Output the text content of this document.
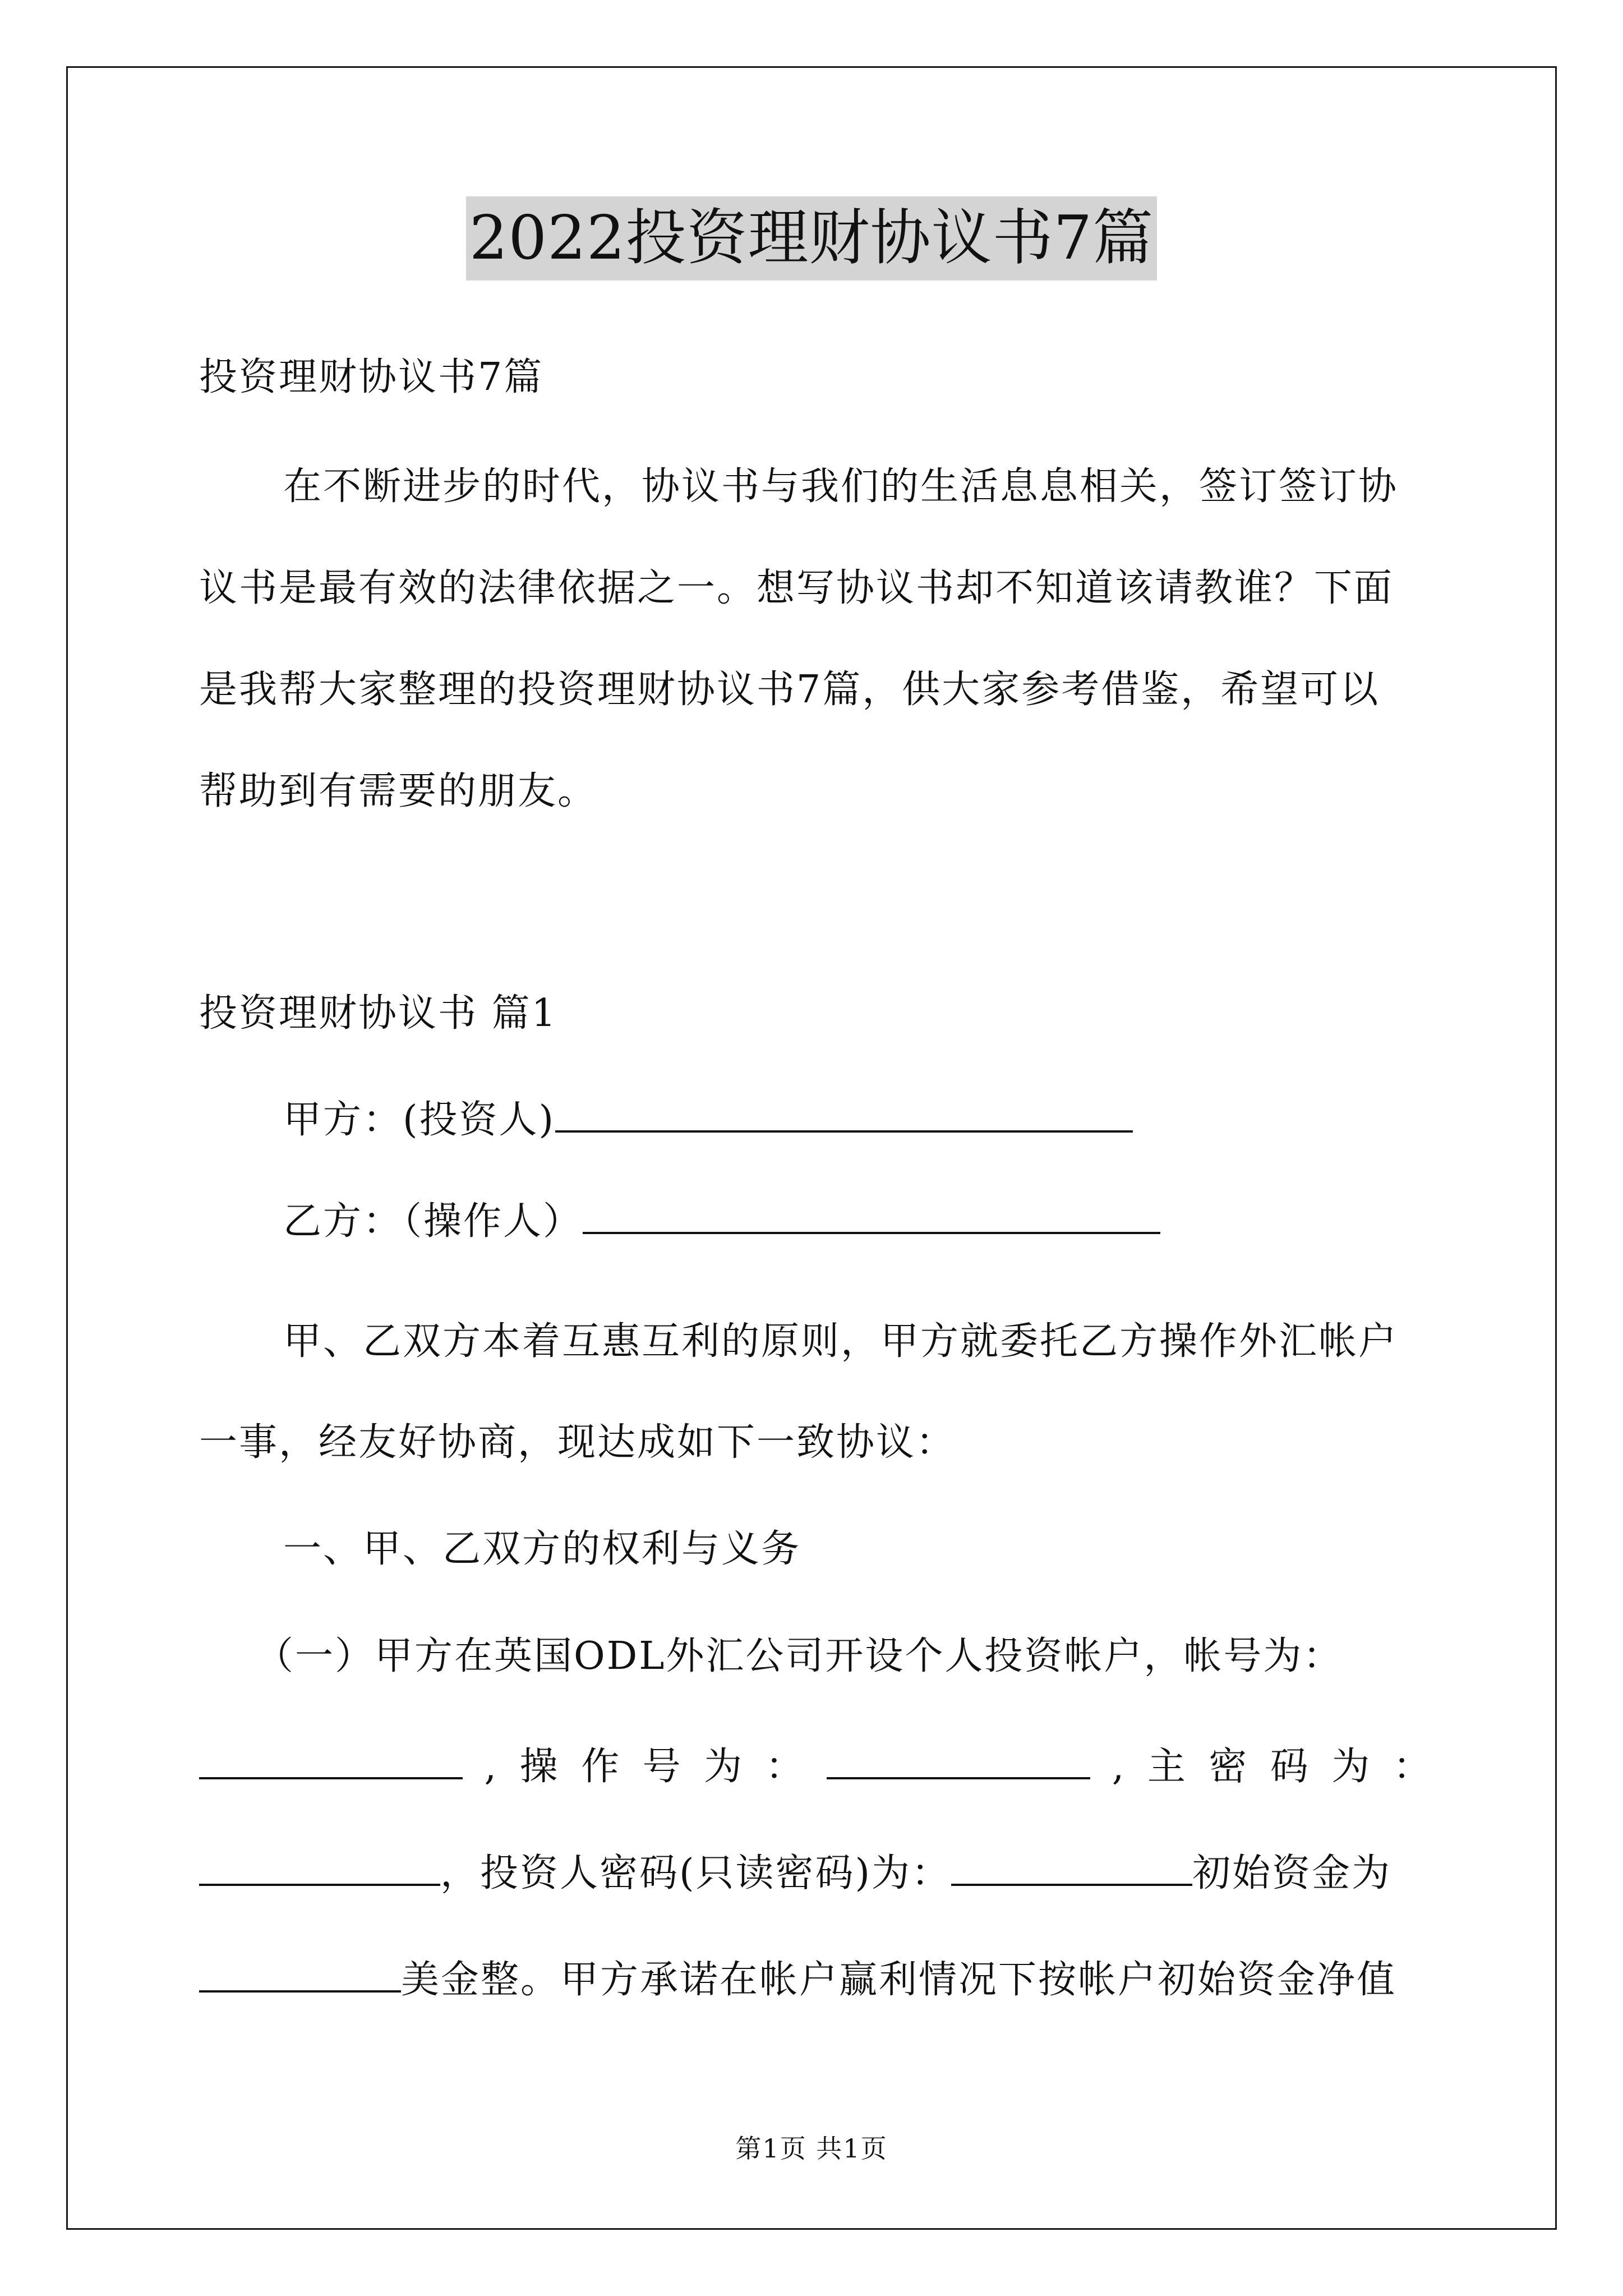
2022投资理财协议书7篇
投资理财协议书7篇
在不断进步的时代，协议书与我们的生活息息相关，签订签订协
议书是最有效的法律依据之一。想写协议书却不知道该请教谁？下面
是我帮大家整理的投资理财协议书7篇，供大家参考借鉴，希望可以
帮助到有需要的朋友。
投资理财协议书 篇1
甲方：(投资人)
乙方：（操作人）
甲、乙双方本着互惠互利的原则，甲方就委托乙方操作外汇帐户
一事，经友好协商，现达成如下一致协议：
一、甲、乙双方的权利与义务
（一）甲方在英国ODL外汇公司开设个人投资帐户，帐号为：
, 操 作 号 为 ：	, 主 密 码 为 ：
，投资人密码(只读密码)为：	初始资金为
美金整。甲方承诺在帐户赢利情况下按帐户初始资金净值
第1页 共1页
